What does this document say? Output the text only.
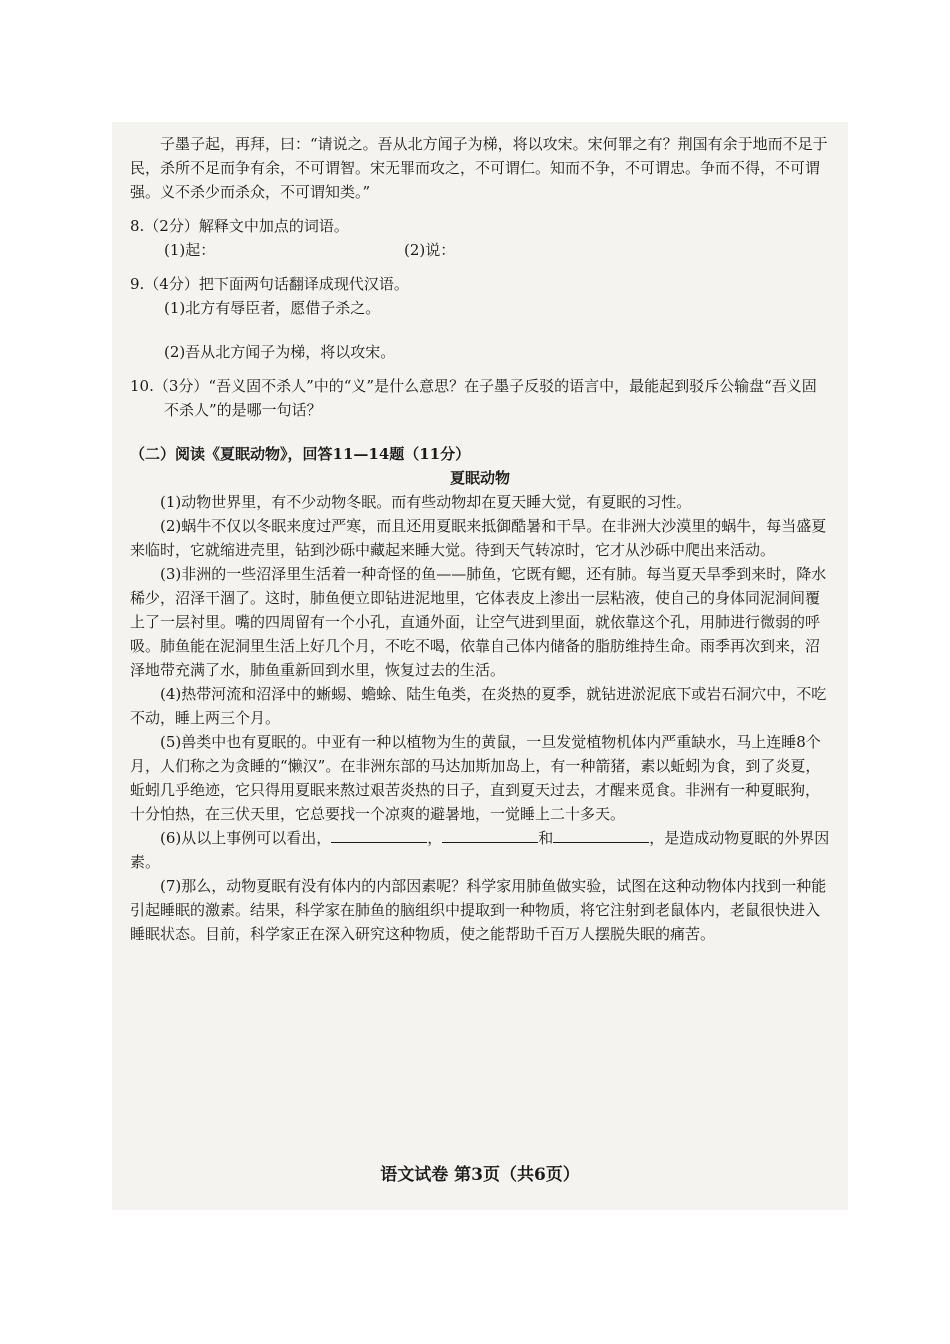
子墨子起，再拜，曰：“请说之。吾从北方闻子为梯，将以攻宋。宋何罪之有？荆国有余于地而不足于民，杀所不足而争有余，不可谓智。宋无罪而攻之，不可谓仁。知而不争，不可谓忠。争而不得，不可谓强。义不杀少而杀众，不可谓知类。”

8.（2分）解释文中加点的词语。

(1)起：	(2)说：

9.（4分）把下面两句话翻译成现代汉语。

(1)北方有辱臣者，愿借子杀之。

(2)吾从北方闻子为梯，将以攻宋。

10.（3分）“吾义固不杀人”中的“义”是什么意思？在子墨子反驳的语言中，最能起到驳斥公输盘“吾义固不杀人”的是哪一句话？

（二）阅读《夏眠动物》，回答11—14题（11分）

夏眠动物

(1)动物世界里，有不少动物冬眠。而有些动物却在夏天睡大觉，有夏眠的习性。

(2)蜗牛不仅以冬眠来度过严寒，而且还用夏眠来抵御酷暑和干旱。在非洲大沙漠里的蜗牛，每当盛夏来临时，它就缩进壳里，钻到沙砾中藏起来睡大觉。待到天气转凉时，它才从沙砾中爬出来活动。

(3)非洲的一些沼泽里生活着一种奇怪的鱼——肺鱼，它既有鳃，还有肺。每当夏天旱季到来时，降水稀少，沼泽干涸了。这时，肺鱼便立即钻进泥地里，它体表皮上渗出一层粘液，使自己的身体同泥洞间覆上了一层衬里。嘴的四周留有一个小孔，直通外面，让空气进到里面，就依靠这个孔，用肺进行微弱的呼吸。肺鱼能在泥洞里生活上好几个月，不吃不喝，依靠自己体内储备的脂肪维持生命。雨季再次到来，沼泽地带充满了水，肺鱼重新回到水里，恢复过去的生活。

(4)热带河流和沼泽中的蜥蜴、蟾蜍、陆生龟类，在炎热的夏季，就钻进淤泥底下或岩石洞穴中，不吃不动，睡上两三个月。

(5)兽类中也有夏眠的。中亚有一种以植物为生的黄鼠，一旦发觉植物机体内严重缺水，马上连睡8个月，人们称之为贪睡的“懒汉”。在非洲东部的马达加斯加岛上，有一种箭猪，素以蚯蚓为食，到了炎夏，蚯蚓几乎绝迹，它只得用夏眠来熬过艰苦炎热的日子，直到夏天过去，才醒来觅食。非洲有一种夏眠狗，十分怕热，在三伏天里，它总要找一个凉爽的避暑地，一觉睡上二十多天。

(6)从以上事例可以看出，	，	和	，是造成动物夏眠的外界因素。

(7)那么，动物夏眠有没有体内的内部因素呢？科学家用肺鱼做实验，试图在这种动物体内找到一种能引起睡眠的激素。结果，科学家在肺鱼的脑组织中提取到一种物质，将它注射到老鼠体内，老鼠很快进入睡眠状态。目前，科学家正在深入研究这种物质，使之能帮助千百万人摆脱失眠的痛苦。

语文试卷 第3页（共6页）
